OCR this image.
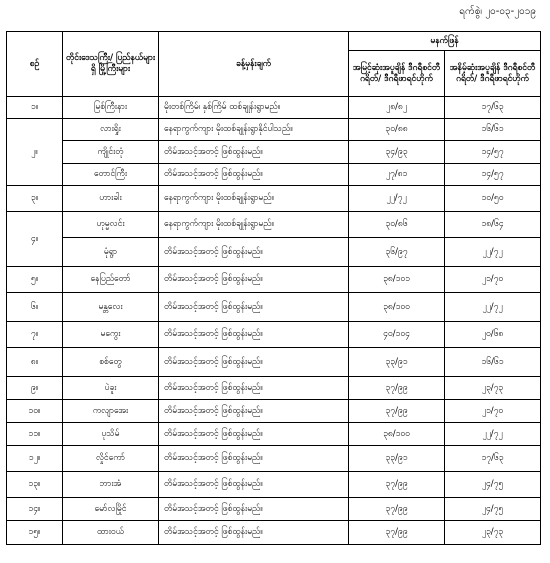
ရက်စွဲ၊ ၂၀-၀၃-၂၀၁၉
စဉ်	တိုင်းဒေသကြီး/ ပြည်နယ်များရှိ မြို့ကြီးများ	ခန့်မှန်းချက်	မနက်ဖြန်	
			အမြင့်ဆုံးအပူချိန် ဒီဂရီစင်တီဂရိတ်/ ဒီဂရီဖာရင်ဟိုက်	အနိမ့်ဆုံးအပူချိန် ဒီဂရီစင်တီဂရိတ်/ ဒီဂရီဖာရင်ဟိုက်
၁။	မြစ်ကြီးနား	မိုးတစ်ကြိမ်၊ နှစ်ကြိမ် ထစ်ချုန်းရွာမည်။	၂၈/၈၂	၁၇/၆၃
၂။	လားရှိုး	နေရာကွက်ကျား မိုးထစ်ချုန်းရွာနိုင်ပါသည်။	၃၀/၈၈	၁၆/၆၁
	ကျိုင်းတုံ	တိမ်အသင့်အတင့် ဖြစ်ထွန်းမည်။	၃၄/၉၃	၁၄/၅၇
	တောင်ကြီး	တိမ်အသင့်အတင့် ဖြစ်ထွန်းမည်။	၂၇/၈၁	၁၄/၅၇
၃။	ဟားခါး	နေရာကွက်ကျား မိုးထစ်ချုန်းရွာမည်။	၂၂/၇၂	၁၀/၅၀
၄။	ဟုမ္မလင်း	နေရာကွက်ကျား မိုးထစ်ချုန်းရွာမည်။	၃၀/၈၆	၁၈/၆၄
	မုံရွာ	တိမ်အသင့်အတင့် ဖြစ်ထွန်းမည်။	၃၆/၉၇	၂၂/၇၂
၅။	နေပြည်တော်	တိမ်အသင့်အတင့် ဖြစ်ထွန်းမည်။	၃၈/၁၀၁	၂၁/၇၀
၆။	မန္တလေး	တိမ်အသင့်အတင့် ဖြစ်ထွန်းမည်။	၃၈/၁၀၀	၂၂/၇၂
၇။	မကွေး	တိမ်အသင့်အတင့် ဖြစ်ထွန်းမည်။	၄၀/၁၀၄	၂၀/၆၈
၈။	စစ်တွေ	တိမ်အသင့်အတင့် ဖြစ်ထွန်းမည်။	၃၃/၉၁	၁၆/၆၁
၉။	ပဲခူး	တိမ်အသင့်အတင့် ဖြစ်ထွန်းမည်။	၃၇/၉၉	၂၃/၇၃
၁၀။	ကလျာအေး	တိမ်အသင့်အတင့် ဖြစ်ထွန်းမည်။	၃၇/၉၉	၂၁/၇၀
၁၁။	ပုသိမ်	တိမ်အသင့်အတင့် ဖြစ်ထွန်းမည်။	၃၈/၁၀၀	၂၂/၇၂
၁၂။	လှိုင်ကော်	တိမ်အသင့်အတင့် ဖြစ်ထွန်းမည်။	၃၃/၉၁	၁၇/၆၃
၁၃။	ဘားအံ	တိမ်အသင့်အတင့် ဖြစ်ထွန်းမည်။	၃၇/၉၉	၂၄/၇၅
၁၄။	မော်လမြိုင်	တိမ်အသင့်အတင့် ဖြစ်ထွန်းမည်။	၃၇/၉၉	၂၄/၇၅
၁၅။	ထားဝယ်	တိမ်အသင့်အတင့် ဖြစ်ထွန်းမည်။	၃၇/၉၉	၂၃/၇၃
